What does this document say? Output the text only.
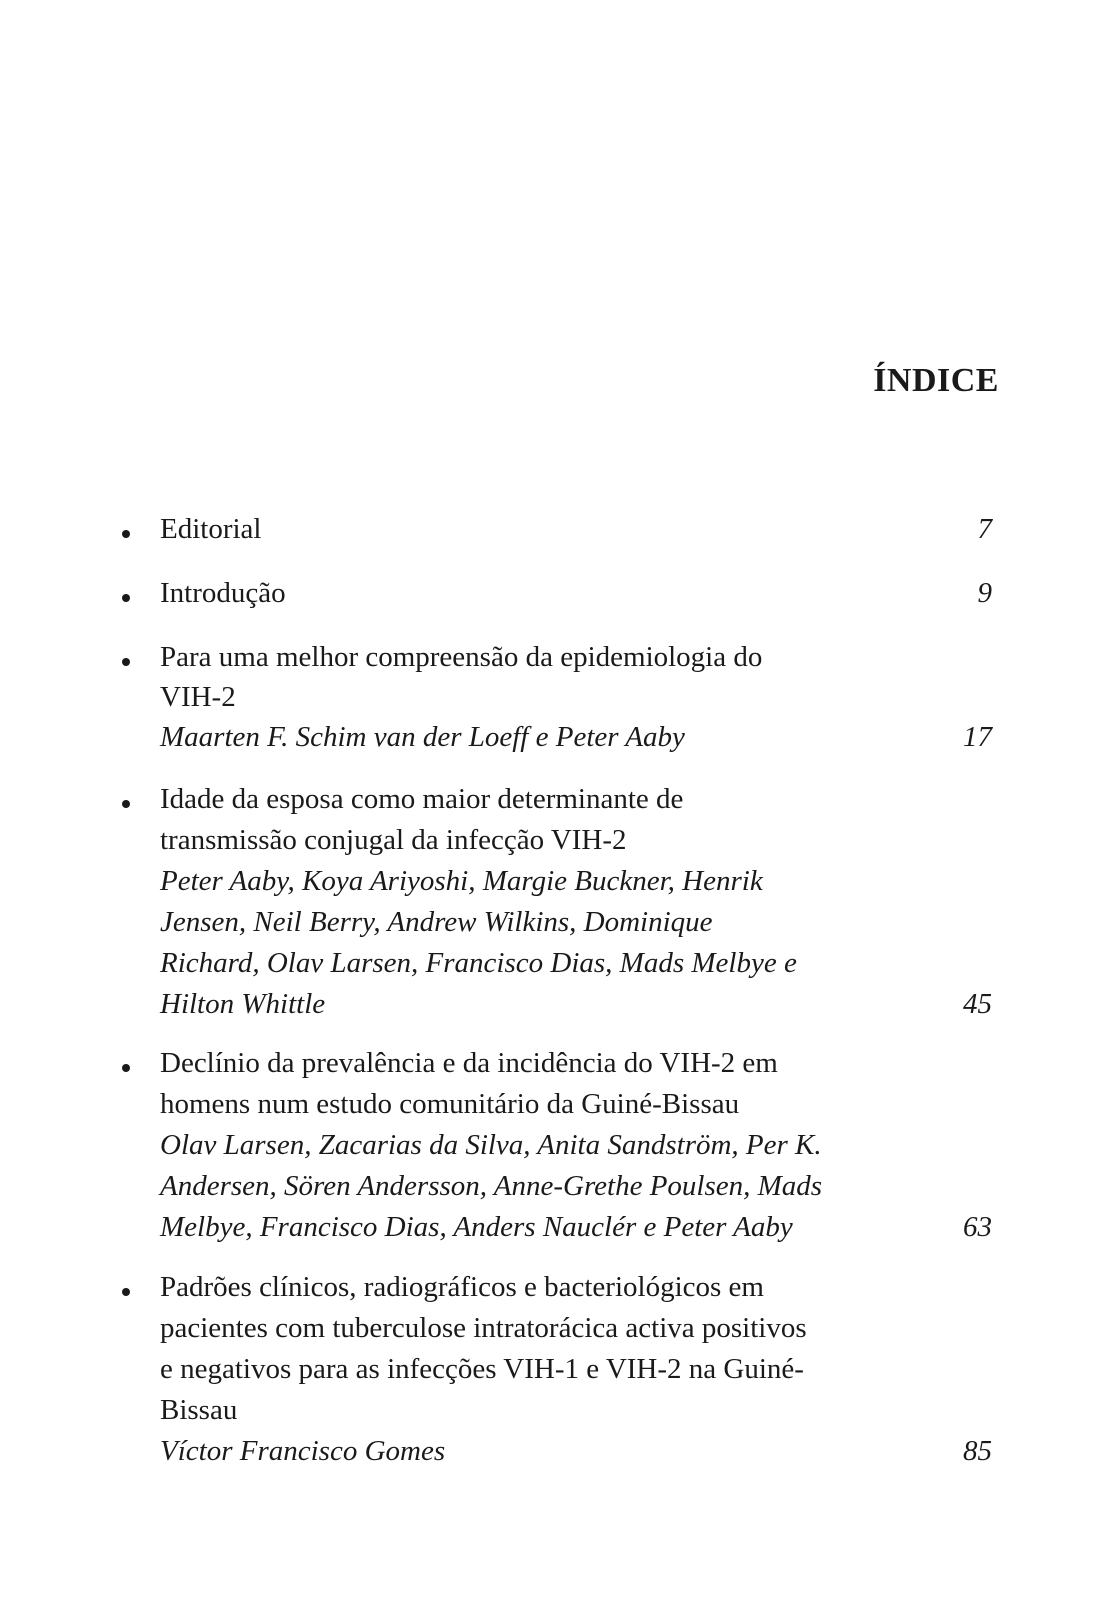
ÍNDICE
Editorial	7
Introdução	9
Para uma melhor compreensão da epidemiologia do
VIH-2
Maarten F. Schim van der Loeff e Peter Aaby	17
Idade da esposa como maior determinante de
transmissão conjugal da infecção VIH-2
Peter Aaby, Koya Ariyoshi, Margie Buckner, Henrik
Jensen, Neil Berry, Andrew Wilkins, Dominique
Richard, Olav Larsen, Francisco Dias, Mads Melbye e
Hilton Whittle	45
Declínio da prevalência e da incidência do VIH-2 em
homens num estudo comunitário da Guiné-Bissau
Olav Larsen, Zacarias da Silva, Anita Sandström, Per K.
Andersen, Sören Andersson, Anne-Grethe Poulsen, Mads
Melbye, Francisco Dias, Anders Nauclér e Peter Aaby	63
Padrões clínicos, radiográficos e bacteriológicos em
pacientes com tuberculose intratorácica activa positivos
e negativos para as infecções VIH-1 e VIH-2 na Guiné-
Bissau
Víctor Francisco Gomes	85
